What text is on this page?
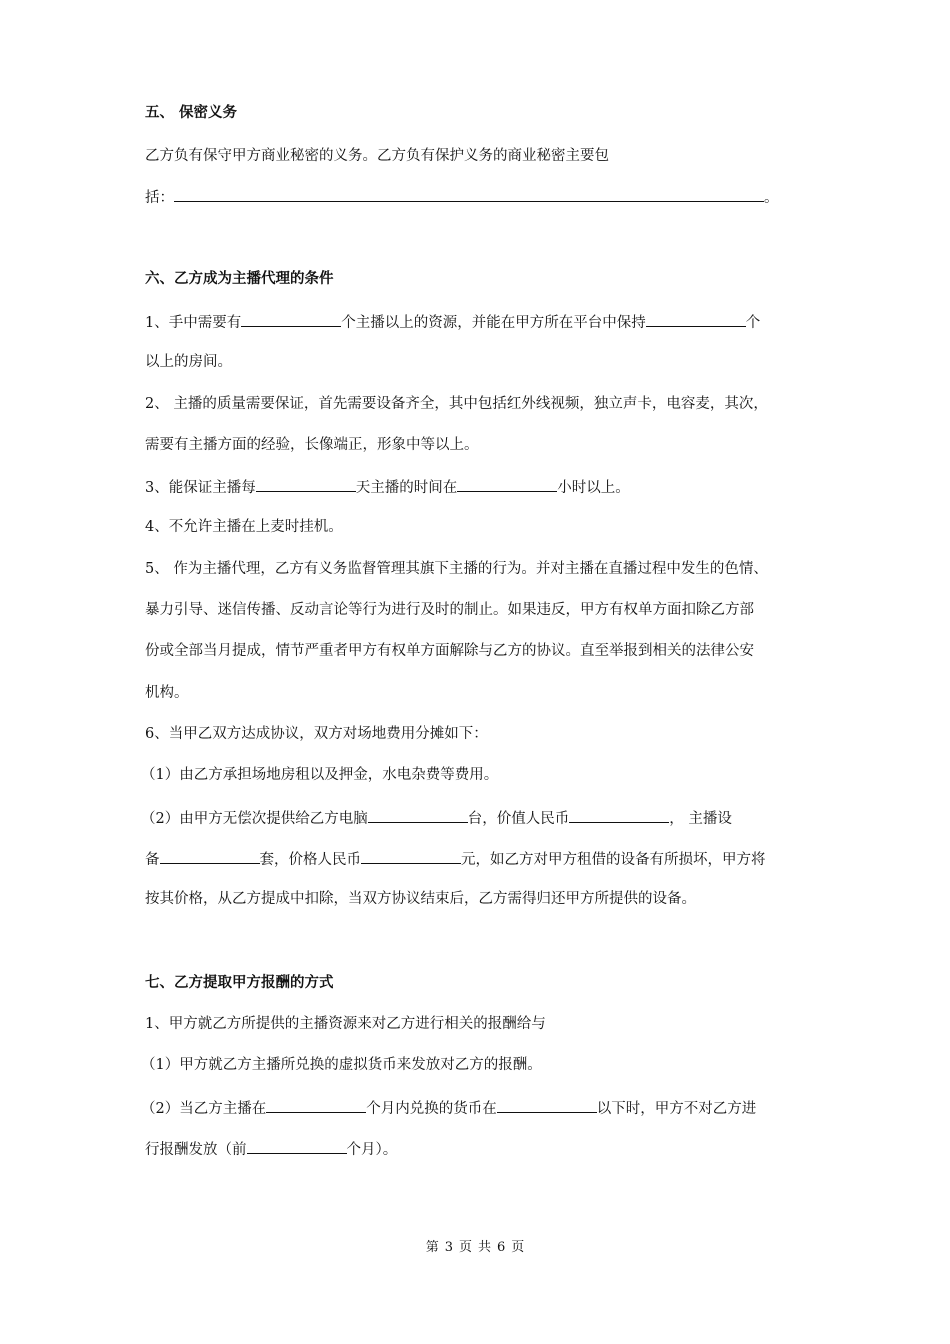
五、 保密义务
乙方负有保守甲方商业秘密的义务。乙方负有保护义务的商业秘密主要包
括：	。
六、乙方成为主播代理的条件
1、手中需要有	个主播以上的资源，并能在甲方所在平台中保持	个
以上的房间。
2、 主播的质量需要保证，首先需要设备齐全，其中包括红外线视频，独立声卡，电容麦，其次，
需要有主播方面的经验，长像端正，形象中等以上。
3、能保证主播每	天主播的时间在	小时以上。
4、不允许主播在上麦时挂机。
5、 作为主播代理，乙方有义务监督管理其旗下主播的行为。并对主播在直播过程中发生的色情、
暴力引导、迷信传播、反动言论等行为进行及时的制止。如果违反，甲方有权单方面扣除乙方部
份或全部当月提成，情节严重者甲方有权单方面解除与乙方的协议。直至举报到相关的法律公安
机构。
6、当甲乙双方达成协议，双方对场地费用分摊如下：
（1）由乙方承担场地房租以及押金，水电杂费等费用。
（2）由甲方无偿次提供给乙方电脑	台，价值人民币	， 主播设
备	套，价格人民币	元，如乙方对甲方租借的设备有所损坏，甲方将
按其价格，从乙方提成中扣除，当双方协议结束后，乙方需得归还甲方所提供的设备。
七、乙方提取甲方报酬的方式
1、甲方就乙方所提供的主播资源来对乙方进行相关的报酬给与
（1）甲方就乙方主播所兑换的虚拟货币来发放对乙方的报酬。
（2）当乙方主播在	个月内兑换的货币在	以下时，甲方不对乙方进
行报酬发放（前	个月）。
第 3 页 共 6 页
